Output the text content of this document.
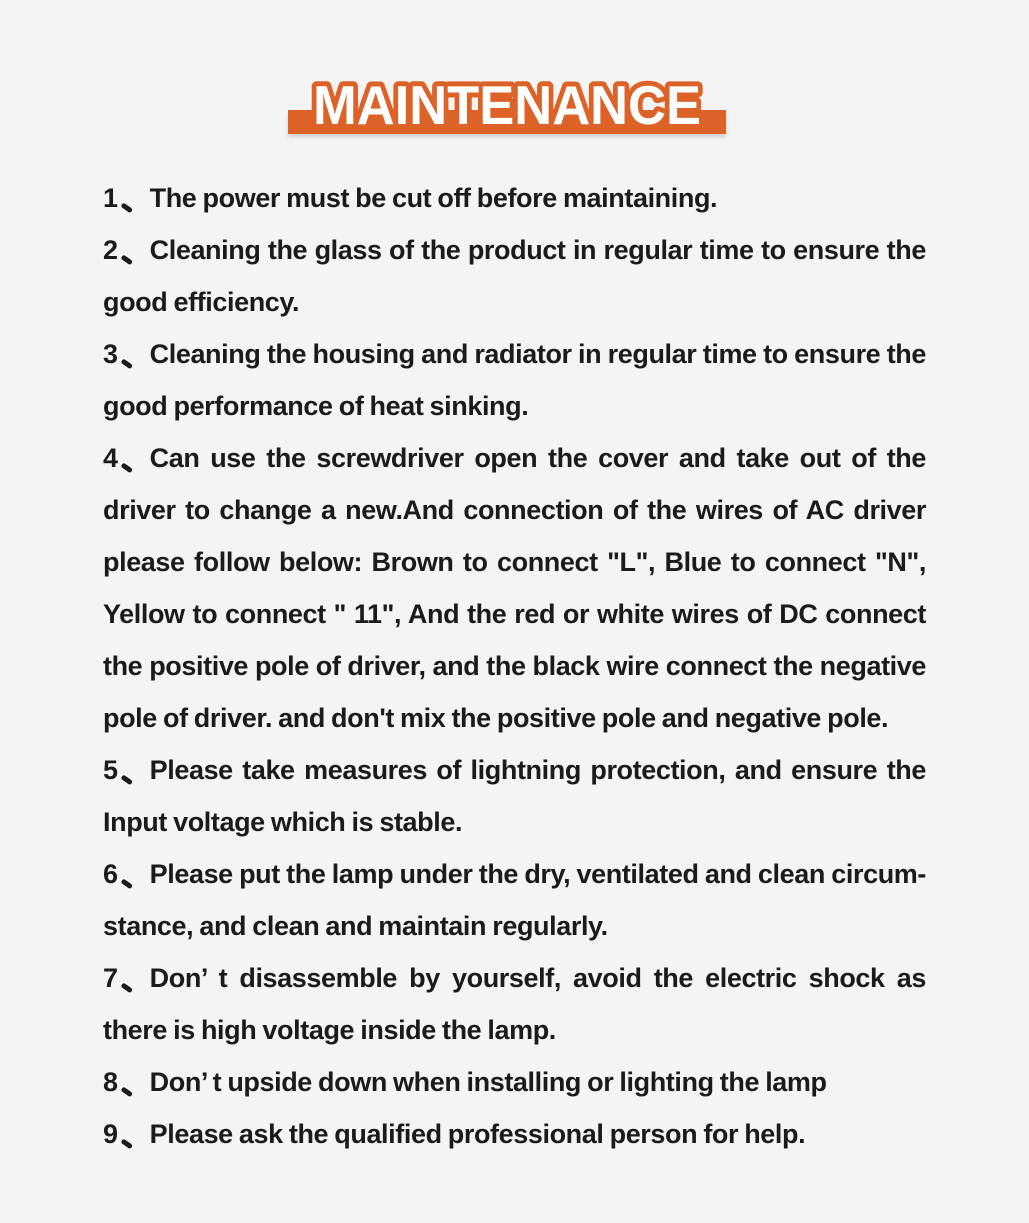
MAINTENANCE

1 The power must be cut off before maintaining.

2 Cleaning the glass of the product in regular time to ensure the good efficiency.

3 Cleaning the housing and radiator in regular time to ensure the good performance of heat sinking.

4 Can use the screwdriver open the cover and take out of the driver to change a new.And connection of the wires of AC driver please follow below: Brown to connect "L", Blue to connect "N", Yellow to connect " 11", And the red or white wires of DC connect the positive pole of driver, and the black wire connect the negative pole of driver. and don't mix the positive pole and negative pole.

5 Please take measures of lightning protection, and ensure the Input voltage which is stable.

6 Please put the lamp under the dry, ventilated and clean circum-stance, and clean and maintain regularly.

7 Don’ t disassemble by yourself, avoid the electric shock as there is high voltage inside the lamp.

8 Don’ t upside down when installing or lighting the lamp

9 Please ask the qualified professional person for help.
